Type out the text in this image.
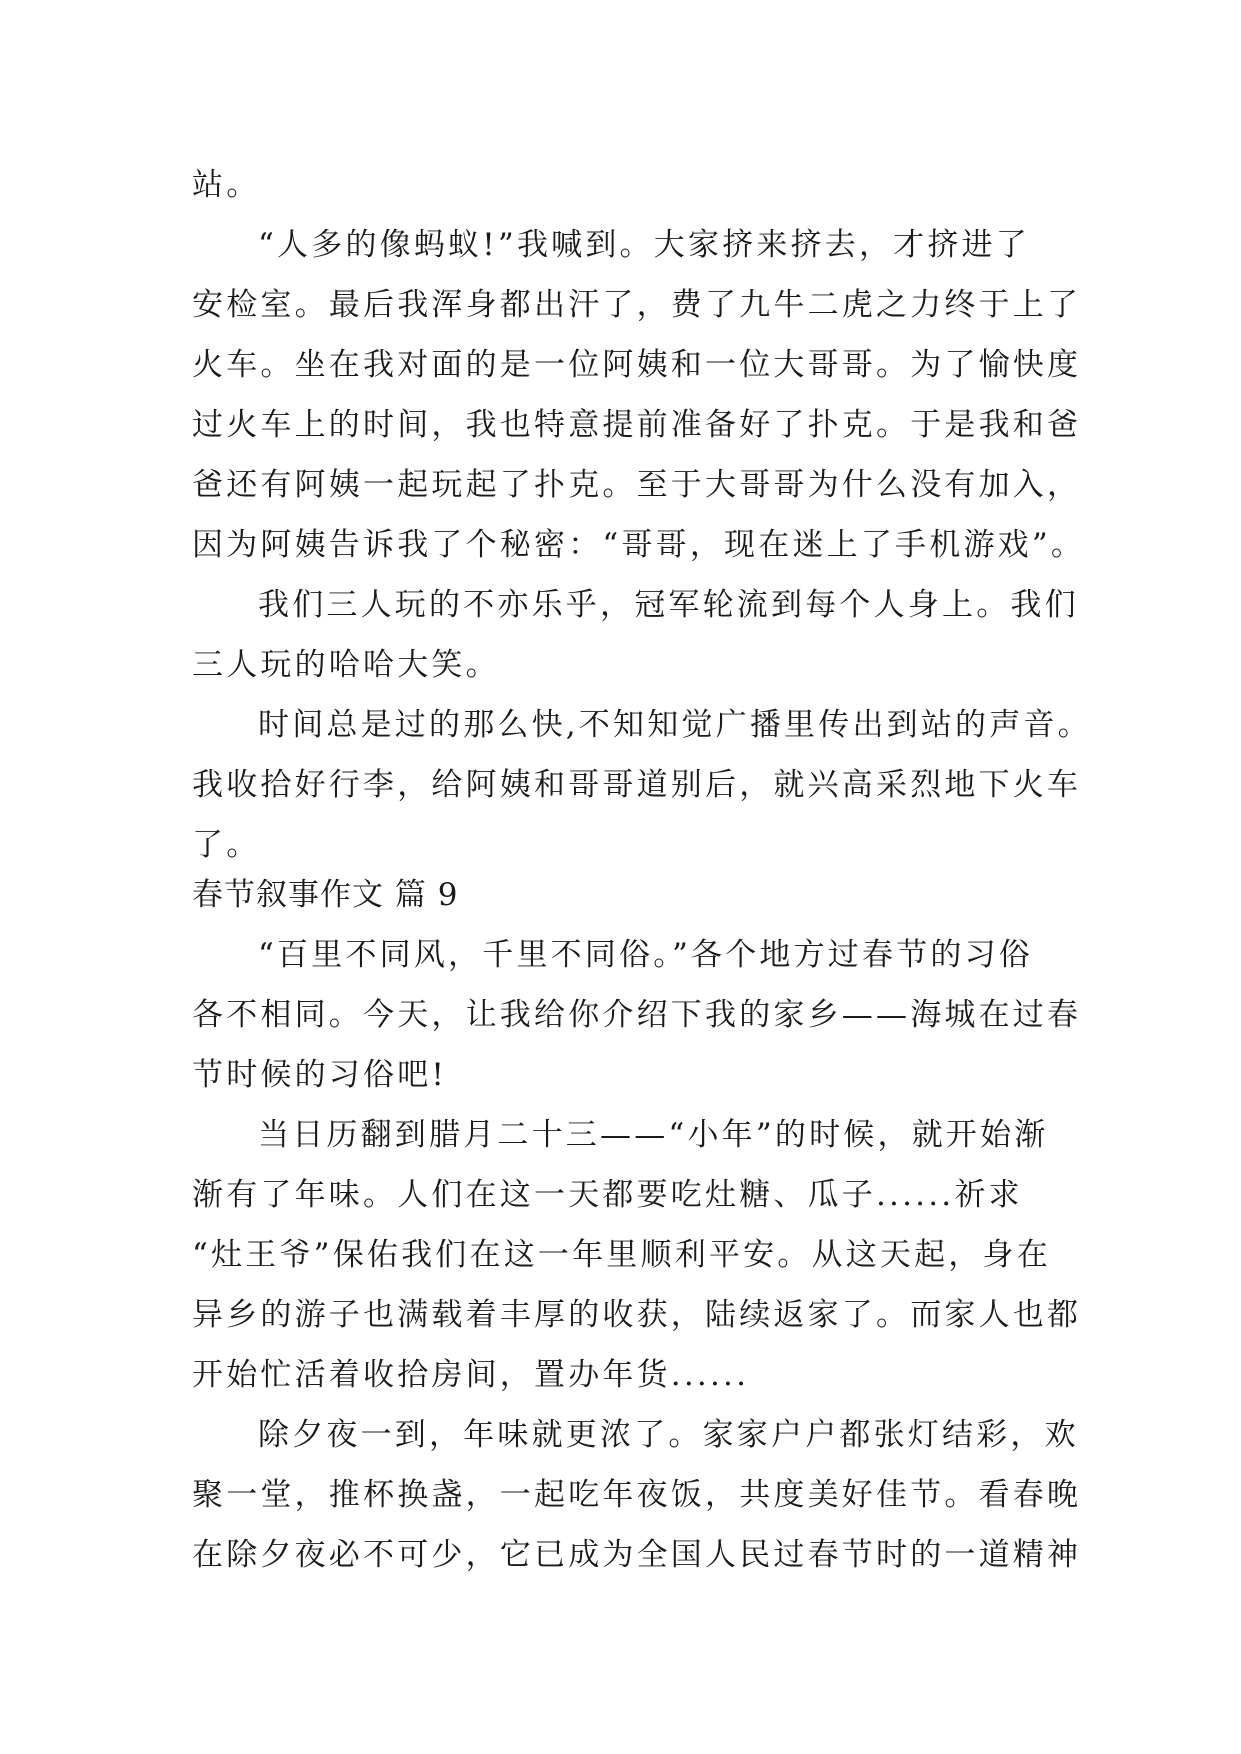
站。

“人多的像蚂蚁!”我喊到。大家挤来挤去，才挤进了

安检室。最后我浑身都出汗了，费了九牛二虎之力终于上了

火车。坐在我对面的是一位阿姨和一位大哥哥。为了愉快度

过火车上的时间，我也特意提前准备好了扑克。于是我和爸

爸还有阿姨一起玩起了扑克。至于大哥哥为什么没有加入，

因为阿姨告诉我了个秘密：“哥哥，现在迷上了手机游戏”。

我们三人玩的不亦乐乎，冠军轮流到每个人身上。我们

三人玩的哈哈大笑。

时间总是过的那么快,不知知觉广播里传出到站的声音。

我收拾好行李，给阿姨和哥哥道别后，就兴高采烈地下火车

了。

春节叙事作文 篇 9

“百里不同风，千里不同俗。”各个地方过春节的习俗

各不相同。今天，让我给你介绍下我的家乡——海城在过春

节时候的习俗吧!

当日历翻到腊月二十三——“小年”的时候，就开始渐

渐有了年味。人们在这一天都要吃灶糖、瓜子......祈求

“灶王爷”保佑我们在这一年里顺利平安。从这天起，身在

异乡的游子也满载着丰厚的收获，陆续返家了。而家人也都

开始忙活着收拾房间，置办年货......

除夕夜一到，年味就更浓了。家家户户都张灯结彩，欢

聚一堂，推杯换盏，一起吃年夜饭，共度美好佳节。看春晚

在除夕夜必不可少，它已成为全国人民过春节时的一道精神
